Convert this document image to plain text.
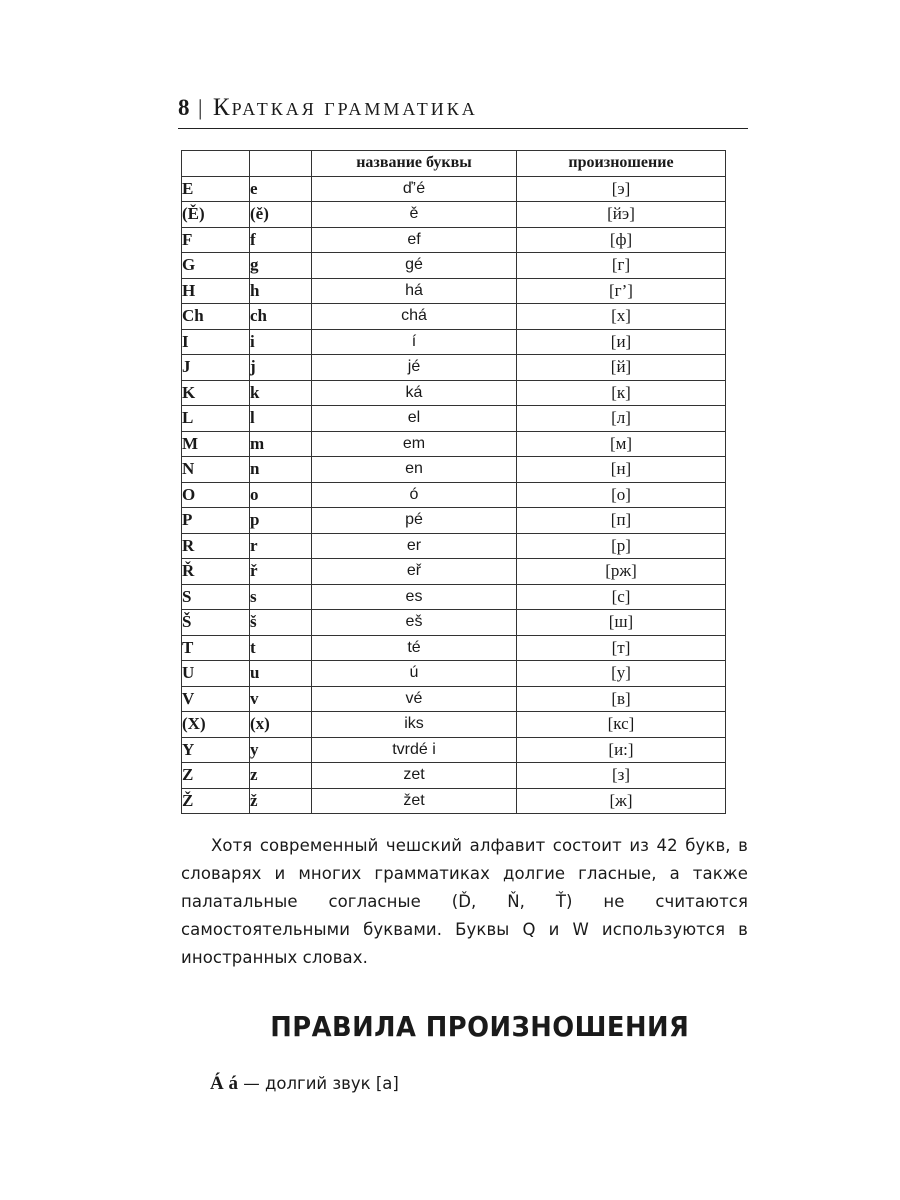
8 | КРАТКАЯ ГРАММАТИКА
		название буквы	произношение
E	e	ď’é	[э]
(Ě)	(ě)	ě	[йэ]
F	f	ef	[ф]
G	g	gé	[г]
H	h	há	[г’]
Ch	ch	chá	[х]
I	i	í	[и]
J	j	jé	[й]
K	k	ká	[к]
L	l	el	[л]
M	m	em	[м]
N	n	en	[н]
O	o	ó	[о]
P	p	pé	[п]
R	r	er	[р]
Ř	ř	eř	[рж]
S	s	es	[с]
Š	š	eš	[ш]
T	t	té	[т]
U	u	ú	[у]
V	v	vé	[в]
(X)	(x)	iks	[кс]
Y	y	tvrdé i	[и:]
Z	z	zet	[з]
Ž	ž	žet	[ж]

Хотя современный чешский алфавит состоит из 42 букв, в словарях и многих грамматиках долгие гласные, а также палатальные согласные (Ď, Ň, Ť) не считаются самостоятельными буквами. Буквы Q и W используются в иностранных словах.

ПРАВИЛА ПРОИЗНОШЕНИЯ
Á á — долгий звук [а]
